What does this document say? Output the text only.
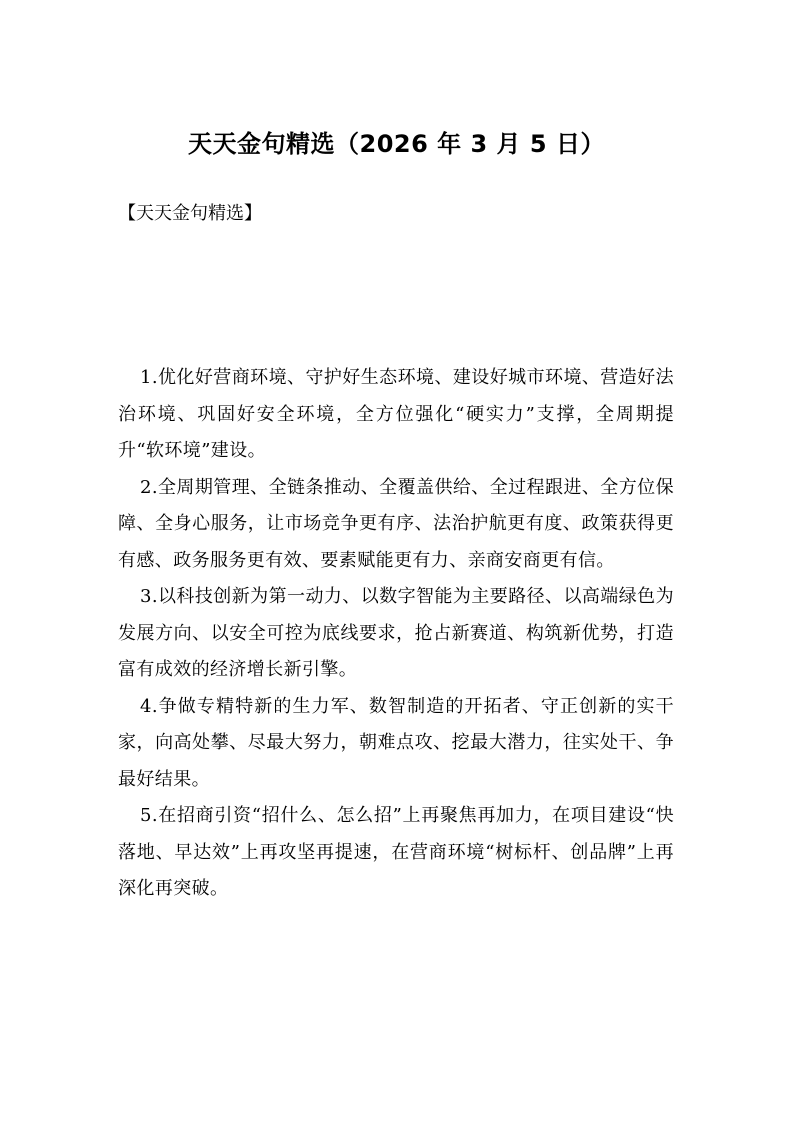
天天金句精选（2026 年 3 月 5 日）
【天天金句精选】

1.优化好营商环境、守护好生态环境、建设好城市环境、营造好法治环境、巩固好安全环境，全方位强化“硬实力”支撑，全周期提升“软环境”建设。

2.全周期管理、全链条推动、全覆盖供给、全过程跟进、全方位保障、全身心服务，让市场竞争更有序、法治护航更有度、政策获得更有感、政务服务更有效、要素赋能更有力、亲商安商更有信。

3.以科技创新为第一动力、以数字智能为主要路径、以高端绿色为发展方向、以安全可控为底线要求，抢占新赛道、构筑新优势，打造富有成效的经济增长新引擎。

4.争做专精特新的生力军、数智制造的开拓者、守正创新的实干家，向高处攀、尽最大努力，朝难点攻、挖最大潜力，往实处干、争最好结果。

5.在招商引资“招什么、怎么招”上再聚焦再加力，在项目建设“快落地、早达效”上再攻坚再提速，在营商环境“树标杆、创品牌”上再深化再突破。
